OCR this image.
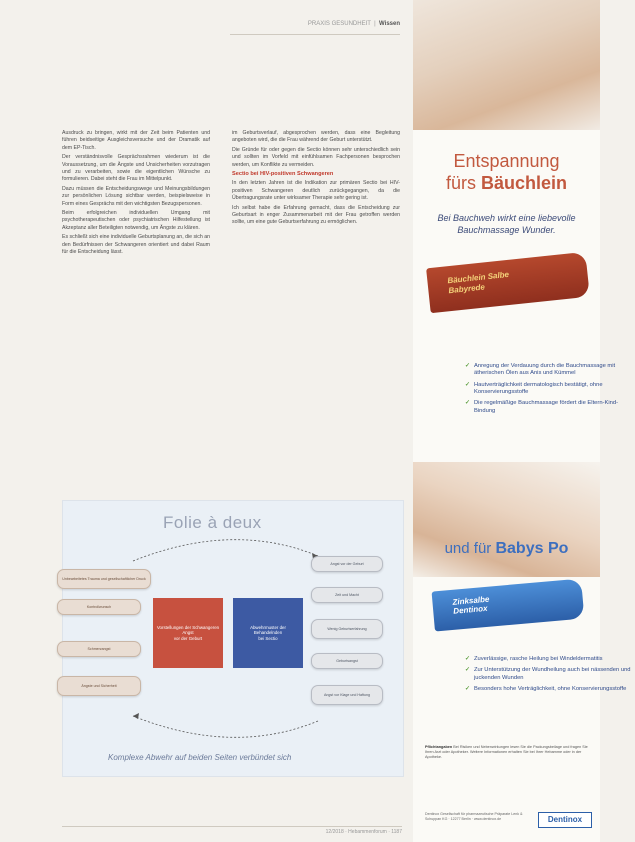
PRAXIS GESUNDHEIT  |  Wissen

Ausdruck zu bringen, wirkt mit der Zeit beim Patienten und führen beidseitige Ausgleichsversuche und der Dramatik auf dem EP-Tisch.

Der verständnisvolle Gesprächsrahmen wiederum ist die Voraussetzung, um die Ängste und Unsicherheiten vorzutragen und zu verarbeiten, sowie die eigentlichen Wünsche zu formulieren. Dabei steht die Frau im Mittelpunkt.

Dazu müssen die Entscheidungswege und Meinungsbildungen zur persönlichen Lösung sichtbar werden, beispielsweise in Form eines Gesprächs mit den wichtigsten Bezugspersonen.

Beim erfolgreichen individuellen Umgang mit psychotherapeutischen oder psychiatrischen Hilfestellung ist Akzeptanz aller Beteiligten notwendig, um Ängste zu klären.

Es schließt sich eine individuelle Geburtsplanung an, die sich an den Bedürfnissen der Schwangeren orientiert und dabei Raum für die Entscheidung lässt.

im Geburtsverlauf, abgesprochen werden, dass eine Begleitung angeboten wird, die die Frau während der Geburt unterstützt.

Die Gründe für oder gegen die Sectio können sehr unterschiedlich sein und sollten im Vorfeld mit einfühlsamen Fachpersonen besprochen werden, um Konflikte zu vermeiden.

Sectio bei HIV-positiven Schwangeren

In den letzten Jahren ist die Indikation zur primären Sectio bei HIV-positiven Schwangeren deutlich zurückgegangen, da die Übertragungsrate unter wirksamer Therapie sehr gering ist.

Ich selbst habe die Erfahrung gemacht, dass die Entscheidung zur Geburtsart in enger Zusammenarbeit mit der Frau getroffen werden sollte, um eine gute Geburtserfahrung zu ermöglichen.

Folie à deux
Unbearbeitetes Trauma und gesellschaftlicher Druck
Kontrollwunsch
Schmerzangst
Ängste und Sicherheit
Vorstellungen der Schwangeren
Angst
vor der Geburt
Abwehrmuster der
Behandelnden
bei Sectio
Angst vor der Geburt
Zeit und Macht
Wenig Geburtserfahrung
Geburtsangst
Angst vor Klage und Haftung
Komplexe Abwehr auf beiden Seiten verbündet sich
12/2018 · Hebammenforum · 1187
Entspannung
fürs Bäuchlein
Bei Bauchweh wirkt eine liebevolle Bauchmassage Wunder.
Bäuchlein Salbe
Babyrede
✓ Anregung der Verdauung durch die Bauchmassage mit ätherischen Ölen aus Anis und Kümmel
✓ Hautverträglichkeit dermatologisch bestätigt, ohne Konservierungsstoffe
✓ Die regelmäßige Bauchmassage fördert die Eltern-Kind-Bindung
und für Babys Po
Zinksalbe
Dentinox
✓ Zuverlässige, rasche Heilung bei Windeldermatitis
✓ Zur Unterstützung der Wundheilung auch bei nässenden und juckenden Wunden
✓ Besonders hohe Verträglichkeit, ohne Konservierungsstoffe
Pflichtangaben Bei Risiken und Nebenwirkungen lesen Sie die Packungsbeilage und fragen Sie Ihren Arzt oder Apotheker. Weitere Informationen erhalten Sie bei Ihrer Hebamme oder in der Apotheke.
Dentinox Gesellschaft für pharmazeutische Präparate Lenk & Schuppan KG · 12277 Berlin · www.dentinox.de	Dentinox
